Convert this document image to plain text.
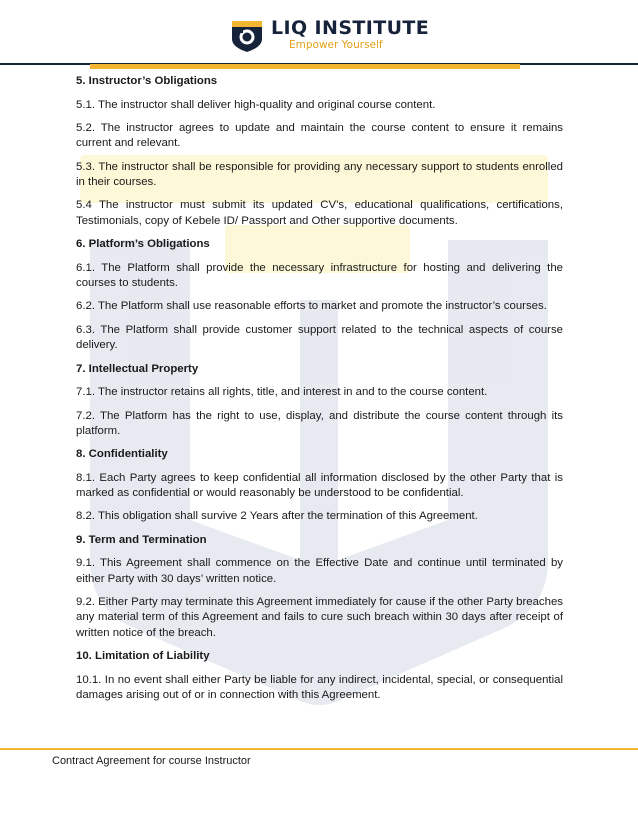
LIQ INSTITUTE
Empower Yourself
5. Instructor’s Obligations
5.1. The instructor shall deliver high-quality and original course content.
5.2. The instructor agrees to update and maintain the course content to ensure it remains current and relevant.
5.3. The instructor shall be responsible for providing any necessary support to students enrolled in their courses.
5.4 The instructor must submit its updated CV’s, educational qualifications, certifications, Testimonials, copy of Kebele ID/ Passport and Other supportive documents.
6. Platform’s Obligations
6.1. The Platform shall provide the necessary infrastructure for hosting and delivering the courses to students.
6.2. The Platform shall use reasonable efforts to market and promote the instructor’s courses.
6.3. The Platform shall provide customer support related to the technical aspects of course delivery.
7. Intellectual Property
7.1. The instructor retains all rights, title, and interest in and to the course content.
7.2. The Platform has the right to use, display, and distribute the course content through its platform.
8. Confidentiality
8.1. Each Party agrees to keep confidential all information disclosed by the other Party that is marked as confidential or would reasonably be understood to be confidential.
8.2. This obligation shall survive 2 Years after the termination of this Agreement.
9. Term and Termination
9.1. This Agreement shall commence on the Effective Date and continue until terminated by either Party with 30 days’ written notice.
9.2. Either Party may terminate this Agreement immediately for cause if the other Party breaches any material term of this Agreement and fails to cure such breach within 30 days after receipt of written notice of the breach.
10. Limitation of Liability
10.1. In no event shall either Party be liable for any indirect, incidental, special, or consequential damages arising out of or in connection with this Agreement.
Contract Agreement for course Instructor
